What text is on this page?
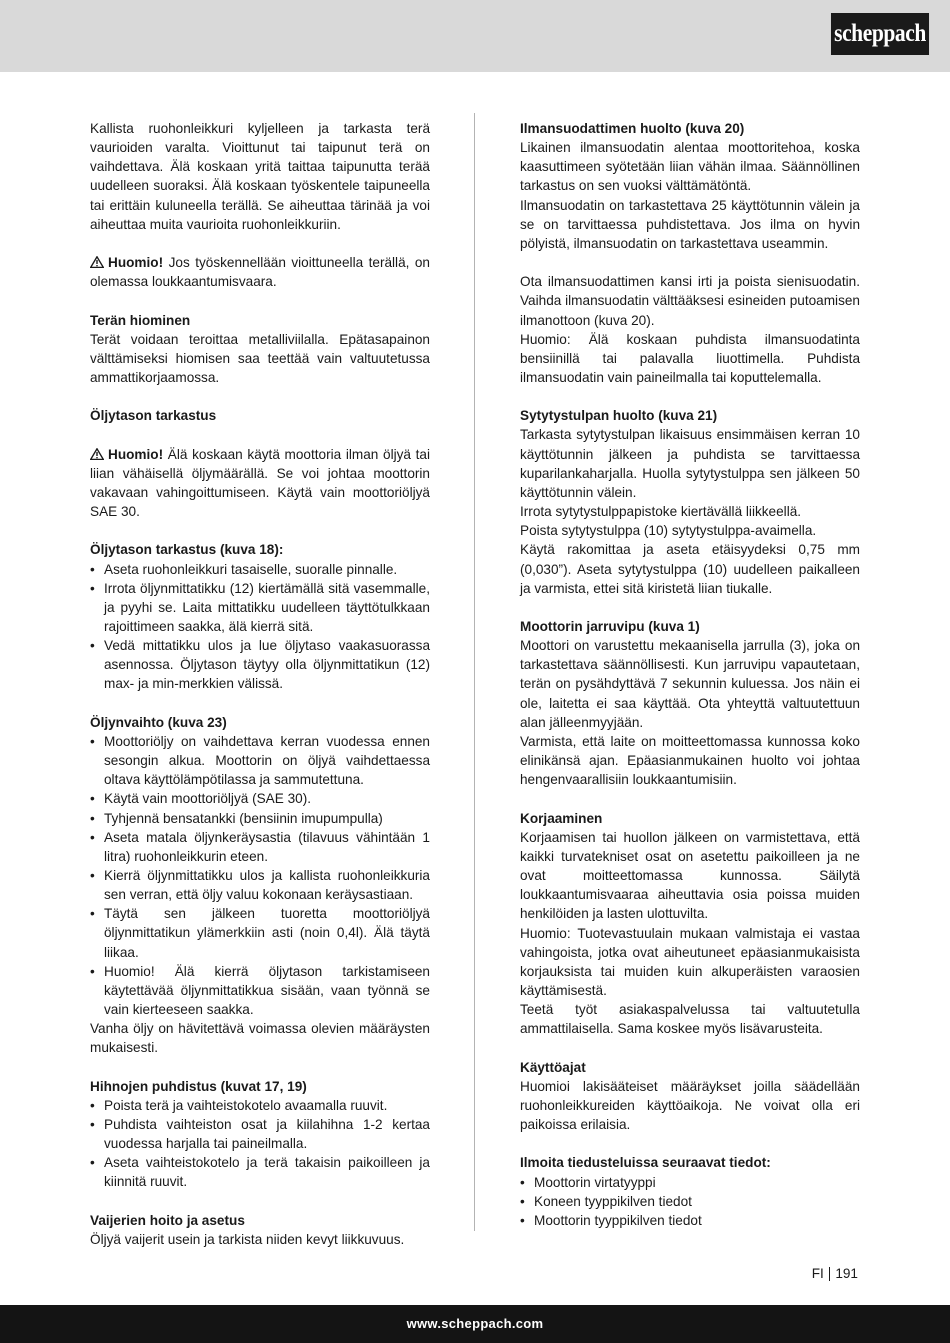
scheppach
Kallista ruohonleikkuri kyljelleen ja tarkasta terä vaurioiden varalta. Vioittunut tai taipunut terä on vaihdettava. Älä koskaan yritä taittaa taipunutta terää uudelleen suoraksi. Älä koskaan työskentele taipuneella tai erittäin kuluneella terällä. Se aiheuttaa tärinää ja voi aiheuttaa muita vaurioita ruohonleikkuriin.
Huomio! Jos työskennellään vioittuneella terällä, on olemassa loukkaantumisvaara.
Terän hiominen

Terät voidaan teroittaa metalliviilalla. Epätasapainon välttämiseksi hiomisen saa teettää vain valtuutetussa ammattikorjaamossa.

Öljytason tarkastus
Huomio! Älä koskaan käytä moottoria ilman öljyä tai liian vähäisellä öljymäärällä. Se voi johtaa moottorin vakavaan vahingoittumiseen. Käytä vain moottoriöljyä SAE 30.
Öljytason tarkastus (kuva 18):
• Aseta ruohonleikkuri tasaiselle, suoralle pinnalle.
• Irrota öljynmittatikku (12) kiertämällä sitä vasemmalle, ja pyyhi se. Laita mittatikku uudelleen täyttötulkkaan rajoittimeen saakka, älä kierrä sitä.
• Vedä mittatikku ulos ja lue öljytaso vaakasuorassa asennossa. Öljytason täytyy olla öljynmittatikun (12) max- ja min-merkkien välissä.
Öljynvaihto (kuva 23)
• Moottoriöljy on vaihdettava kerran vuodessa ennen sesongin alkua. Moottorin on öljyä vaihdettaessa oltava käyttölämpötilassa ja sammutettuna.
• Käytä vain moottoriöljyä (SAE 30).
• Tyhjennä bensatankki (bensiinin imupumpulla)
• Aseta matala öljynkeräysastia (tilavuus vähintään 1 litra) ruohonleikkurin eteen.
• Kierrä öljynmittatikku ulos ja kallista ruohonleikkuria sen verran, että öljy valuu kokonaan keräysastiaan.
• Täytä sen jälkeen tuoretta moottoriöljyä öljynmittatikun ylämerkkiin asti (noin 0,4l). Älä täytä liikaa.
• Huomio! Älä kierrä öljytason tarkistamiseen käytettävää öljynmittatikkua sisään, vaan työnnä se vain kierteeseen saakka.

Vanha öljy on hävitettävä voimassa olevien määräysten mukaisesti.

Hihnojen puhdistus (kuvat 17, 19)
• Poista terä ja vaihteistokotelo avaamalla ruuvit.
• Puhdista vaihteiston osat ja kiilahihna 1-2 kertaa vuodessa harjalla tai paineilmalla.
• Aseta vaihteistokotelo ja terä takaisin paikoilleen ja kiinnitä ruuvit.
Vaijerien hoito ja asetus

Öljyä vaijerit usein ja tarkista niiden kevyt liikkuvuus.

Ilmansuodattimen huolto (kuva 20)

Likainen ilmansuodatin alentaa moottoritehoa, koska kaasuttimeen syötetään liian vähän ilmaa. Säännöllinen tarkastus on sen vuoksi välttämätöntä.

Ilmansuodatin on tarkastettava 25 käyttötunnin välein ja se on tarvittaessa puhdistettava. Jos ilma on hyvin pölyistä, ilmansuodatin on tarkastettava useammin.

Ota ilmansuodattimen kansi irti ja poista sienisuodatin. Vaihda ilmansuodatin välttääksesi esineiden putoamisen ilmanottoon (kuva 20).

Huomio: Älä koskaan puhdista ilmansuodatinta bensiinillä tai palavalla liuottimella. Puhdista ilmansuodatin vain paineilmalla tai koputtelemalla.

Sytytystulpan huolto (kuva 21)

Tarkasta sytytystulpan likaisuus ensimmäisen kerran 10 käyttötunnin jälkeen ja puhdista se tarvittaessa kuparilankaharjalla. Huolla sytytystulppa sen jälkeen 50 käyttötunnin välein.

Irrota sytytystulppapistoke kiertävällä liikkeellä.

Poista sytytystulppa (10) sytytystulppa-avaimella.

Käytä rakomittaa ja aseta etäisyydeksi 0,75 mm (0,030”). Aseta sytytystulppa (10) uudelleen paikalleen ja varmista, ettei sitä kiristetä liian tiukalle.

Moottorin jarruvipu (kuva 1)

Moottori on varustettu mekaanisella jarrulla (3), joka on tarkastettava säännöllisesti. Kun jarruvipu vapautetaan, terän on pysähdyttävä 7 sekunnin kuluessa. Jos näin ei ole, laitetta ei saa käyttää. Ota yhteyttä valtuutettuun alan jälleenmyyjään.

Varmista, että laite on moitteettomassa kunnossa koko elinikänsä ajan. Epäasianmukainen huolto voi johtaa hengenvaarallisiin loukkaantumisiin.

Korjaaminen

Korjaamisen tai huollon jälkeen on varmistettava, että kaikki turvatekniset osat on asetettu paikoilleen ja ne ovat moitteettomassa kunnossa. Säilytä loukkaantumisvaaraa aiheuttavia osia poissa muiden henkilöiden ja lasten ulottuvilta.

Huomio: Tuotevastuulain mukaan valmistaja ei vastaa vahingoista, jotka ovat aiheutuneet epäasianmukaisista korjauksista tai muiden kuin alkuperäisten varaosien käyttämisestä.

Teetä työt asiakaspalvelussa tai valtuutetulla ammattilaisella. Sama koskee myös lisävarusteita.

Käyttöajat

Huomioi lakisääteiset määräykset joilla säädellään ruohonleikkureiden käyttöaikoja. Ne voivat olla eri paikoissa erilaisia.

Ilmoita tiedusteluissa seuraavat tiedot:
• Moottorin virtatyyppi
• Koneen tyyppikilven tiedot
• Moottorin tyyppikilven tiedot
FI 191
www.scheppach.com
